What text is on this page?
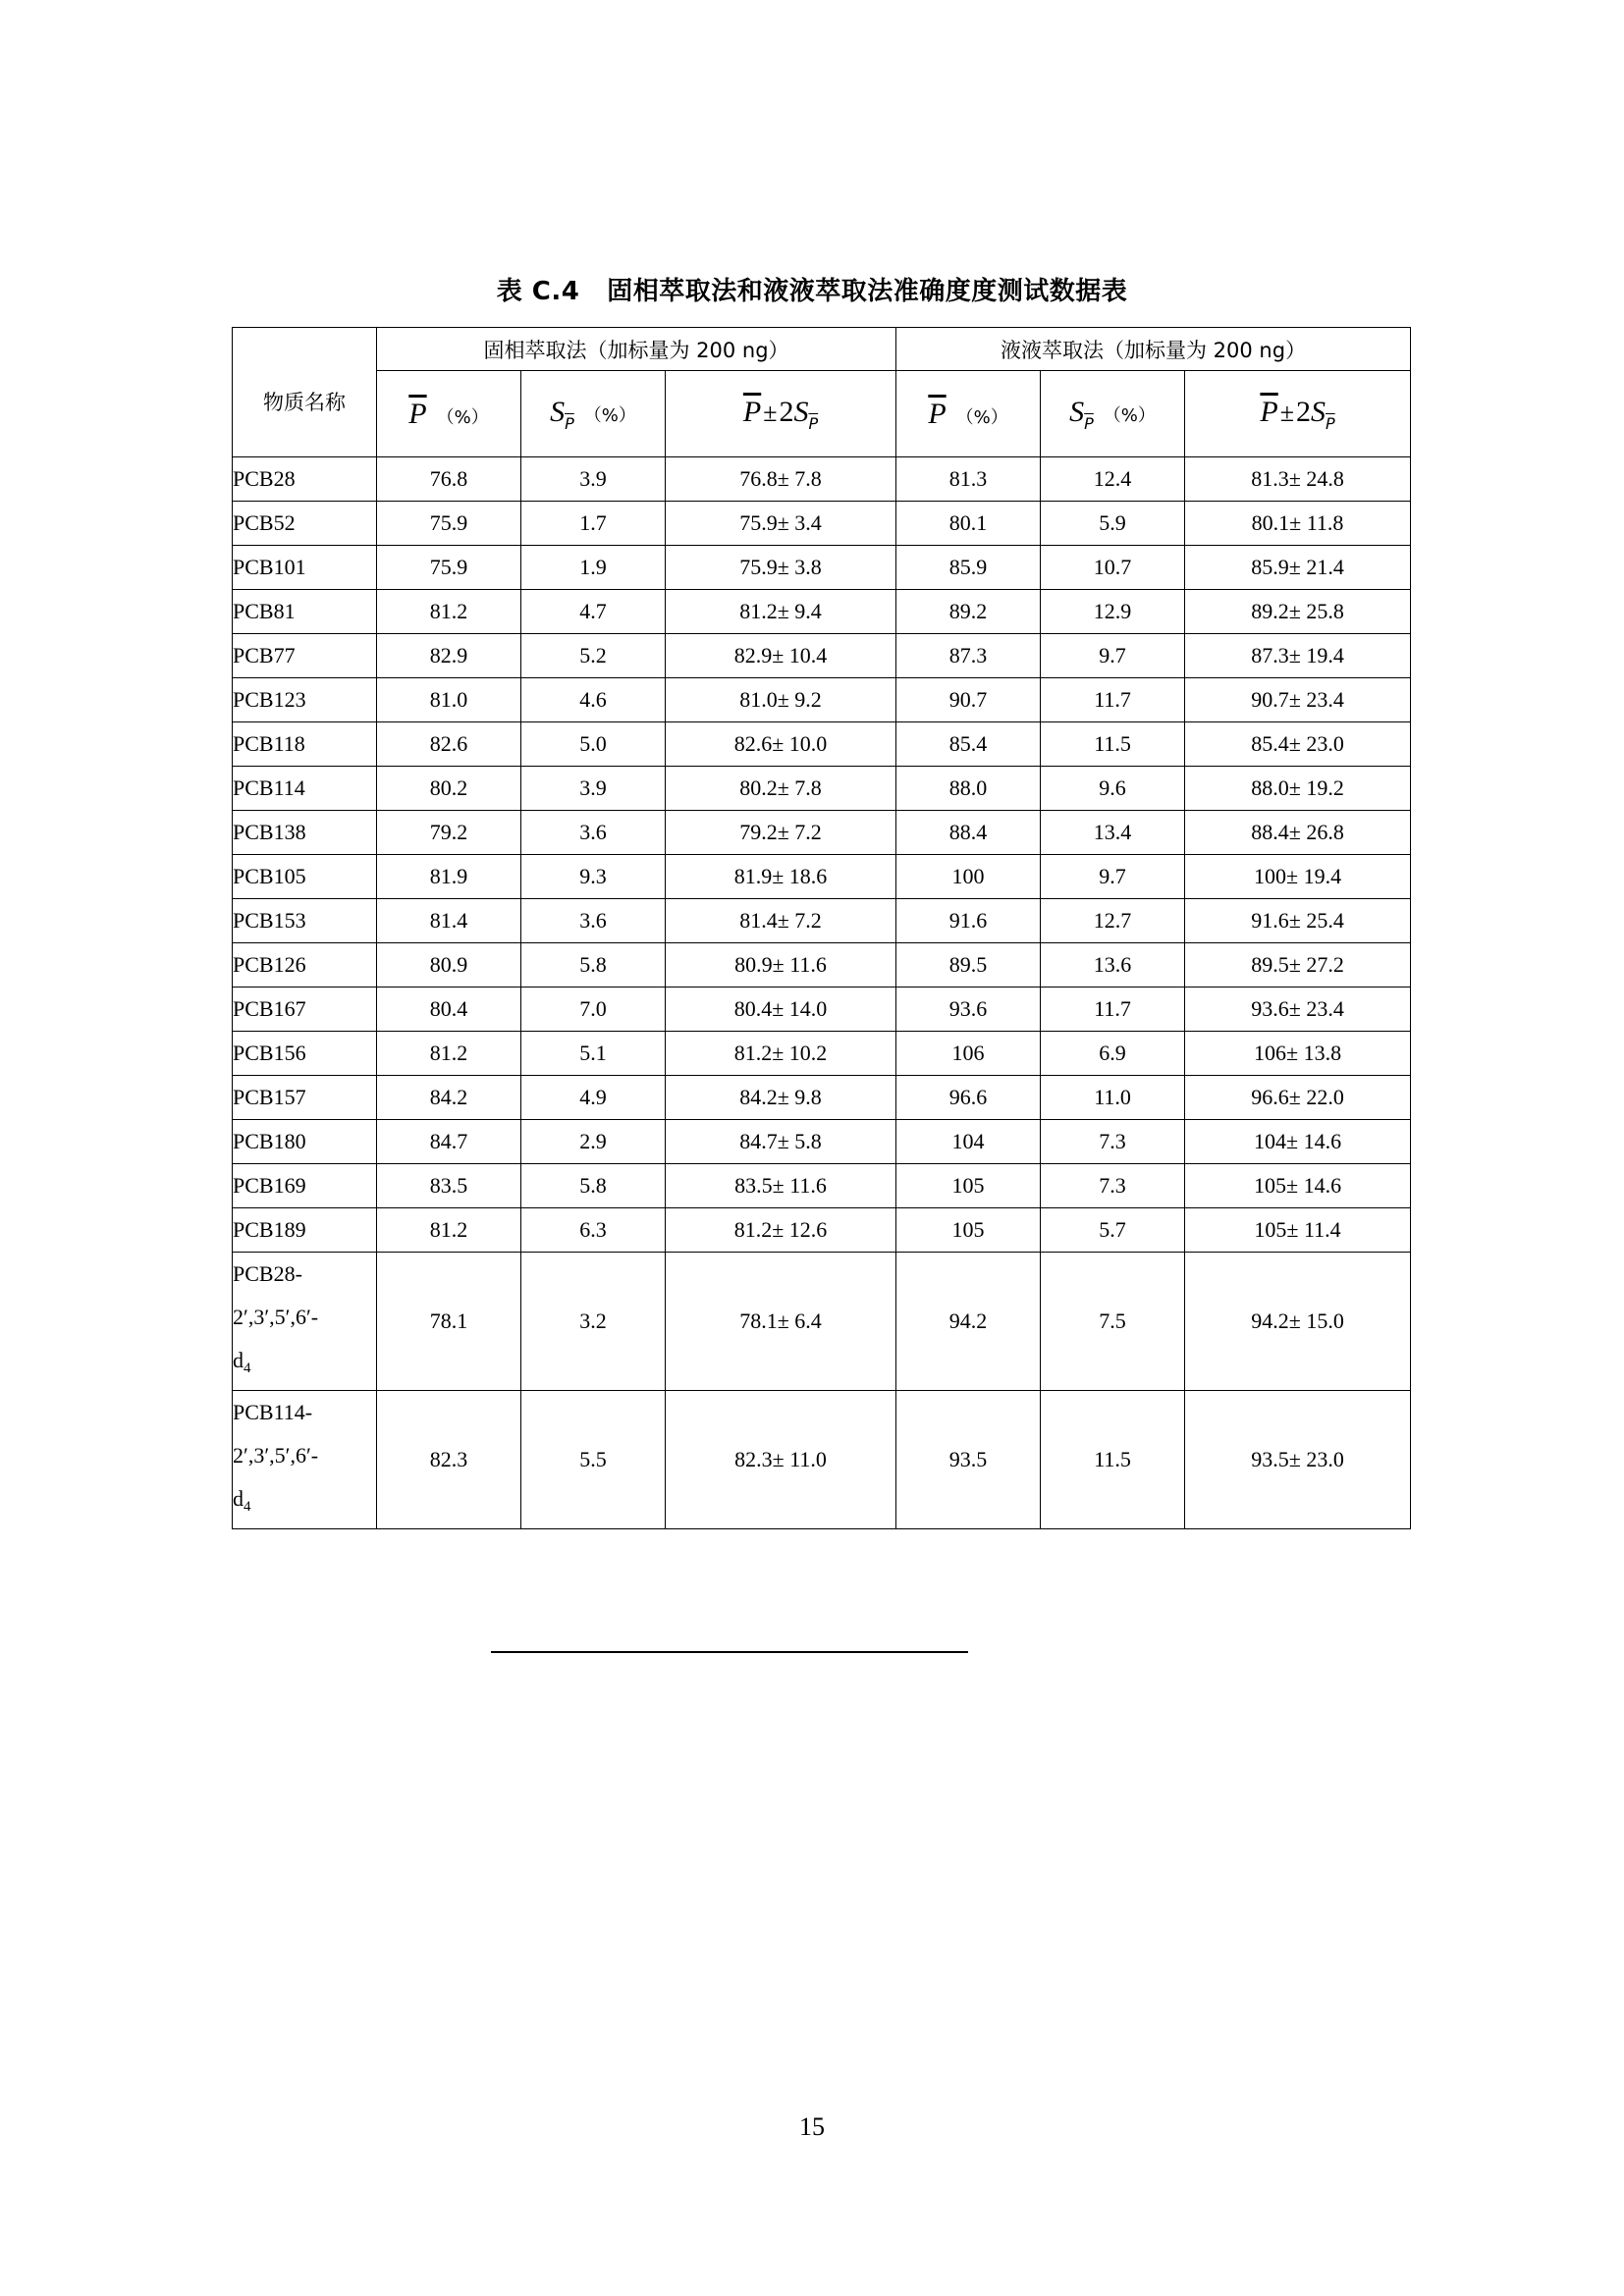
表 C.4 固相萃取法和液液萃取法准确度度测试数据表
物质名称	固相萃取法（加标量为 200 ng）			液液萃取法（加标量为 200 ng）		
	$\overline{P}$ （%）	$S_{\overline{P}}$ （%）	$\overline{P}\pm 2S_{\overline{P}}$	$\overline{P}$ （%）	$S_{\overline{P}}$ （%）	$\overline{P}\pm 2S_{\overline{P}}$
PCB28	76.8	3.9	76.8± 7.8	81.3	12.4	81.3± 24.8
PCB52	75.9	1.7	75.9± 3.4	80.1	5.9	80.1± 11.8
PCB101	75.9	1.9	75.9± 3.8	85.9	10.7	85.9± 21.4
PCB81	81.2	4.7	81.2± 9.4	89.2	12.9	89.2± 25.8
PCB77	82.9	5.2	82.9± 10.4	87.3	9.7	87.3± 19.4
PCB123	81.0	4.6	81.0± 9.2	90.7	11.7	90.7± 23.4
PCB118	82.6	5.0	82.6± 10.0	85.4	11.5	85.4± 23.0
PCB114	80.2	3.9	80.2± 7.8	88.0	9.6	88.0± 19.2
PCB138	79.2	3.6	79.2± 7.2	88.4	13.4	88.4± 26.8
PCB105	81.9	9.3	81.9± 18.6	100	9.7	100± 19.4
PCB153	81.4	3.6	81.4± 7.2	91.6	12.7	91.6± 25.4
PCB126	80.9	5.8	80.9± 11.6	89.5	13.6	89.5± 27.2
PCB167	80.4	7.0	80.4± 14.0	93.6	11.7	93.6± 23.4
PCB156	81.2	5.1	81.2± 10.2	106	6.9	106± 13.8
PCB157	84.2	4.9	84.2± 9.8	96.6	11.0	96.6± 22.0
PCB180	84.7	2.9	84.7± 5.8	104	7.3	104± 14.6
PCB169	83.5	5.8	83.5± 11.6	105	7.3	105± 14.6
PCB189	81.2	6.3	81.2± 12.6	105	5.7	105± 11.4

PCB28-
2′,3′,5′,6′-
$d_4$	78.1	3.2	78.1± 6.4	94.2	7.5	94.2± 15.0

PCB114-
2′,3′,5′,6′-
$d_4$	82.3	5.5	82.3± 11.0	93.5	11.5	93.5± 23.0
15
